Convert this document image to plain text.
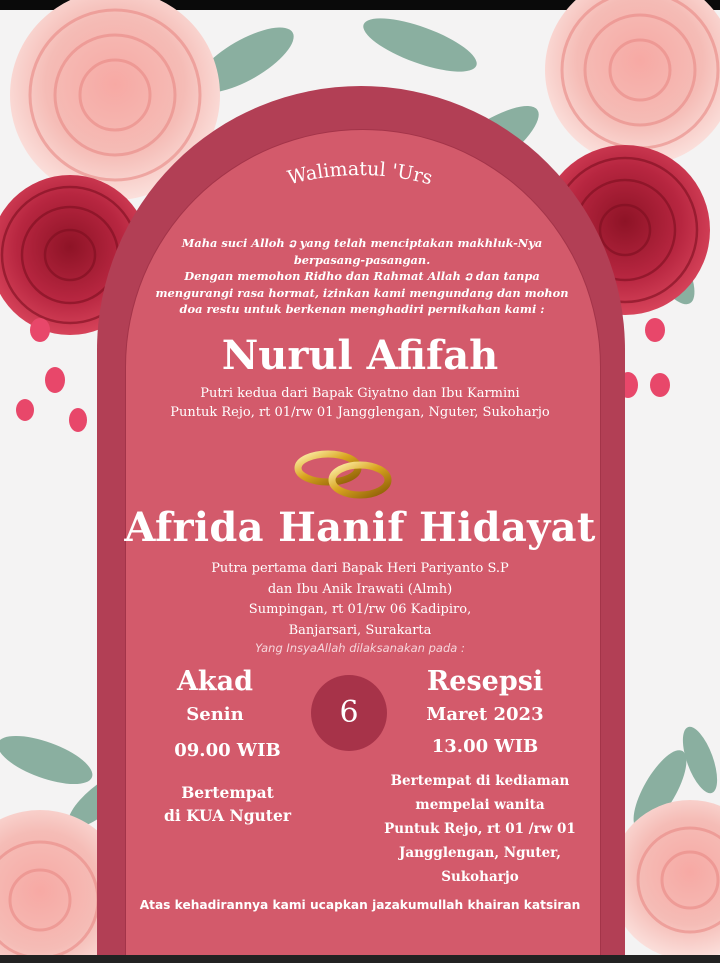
Walimatul 'Urs
Maha suci Alloh ວ yang telah menciptakan makhluk-Nya
berpasang-pasangan.
Dengan memohon Ridho dan Rahmat Allah ວ dan tanpa
mengurangi rasa hormat, izinkan kami mengundang dan mohon
doa restu untuk berkenan menghadiri pernikahan kami :
Nurul Afifah
Putri kedua dari Bapak Giyatno dan Ibu Karmini
Puntuk Rejo, rt 01/rw 01 Jangglengan, Nguter, Sukoharjo
Afrida Hanif Hidayat
Putra pertama dari Bapak Heri Pariyanto S.P
dan Ibu Anik Irawati (Almh)
Sumpingan, rt 01/rw 06 Kadipiro,
Banjarsari, Surakarta
Yang InsyaAllah dilaksanakan pada :
Akad
Senin
09.00 WIB
Bertempat
di KUA Nguter
6
Resepsi
Maret 2023
13.00 WIB
Bertempat di kediaman
mempelai wanita
Puntuk Rejo, rt 01 /rw 01
Jangglengan, Nguter,
Sukoharjo
Atas kehadirannya kami ucapkan jazakumullah khairan katsiran
